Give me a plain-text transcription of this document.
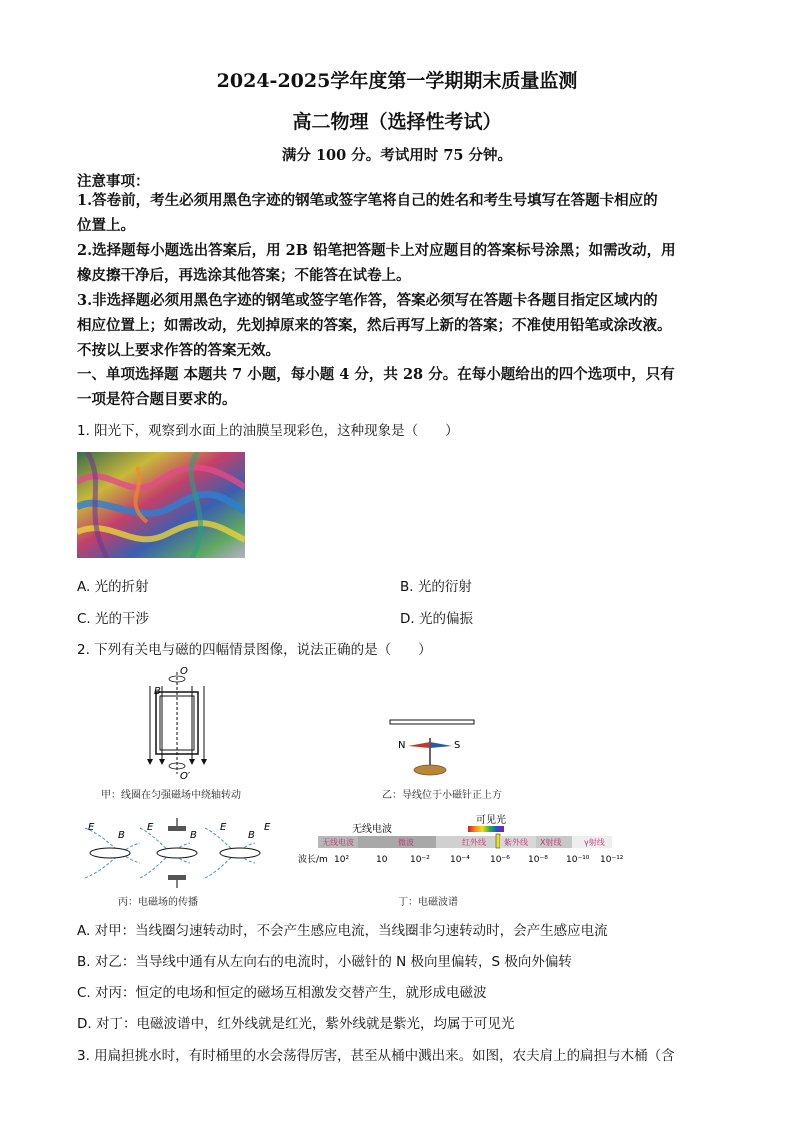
2024-2025学年度第一学期期末质量监测
高二物理（选择性考试）
满分 100 分。考试用时 75 分钟。
注意事项：
1.答卷前，考生必须用黑色字迹的钢笔或签字笔将自己的姓名和考生号填写在答题卡相应的
位置上。
2.选择题每小题选出答案后，用 2B 铅笔把答题卡上对应题目的答案标号涂黑；如需改动，用
橡皮擦干净后，再选涂其他答案；不能答在试卷上。
3.非选择题必须用黑色字迹的钢笔或签字笔作答，答案必须写在答题卡各题目指定区域内的
相应位置上；如需改动，先划掉原来的答案，然后再写上新的答案；不准使用铅笔或涂改液。
不按以上要求作答的答案无效。
一、单项选择题 本题共 7 小题，每小题 4 分，共 28 分。在每小题给出的四个选项中，只有
一项是符合题目要求的。
1. 阳光下，观察到水面上的油膜呈现彩色，这种现象是（　　）
A. 光的折射	B. 光的衍射
C. 光的干涉	D. 光的偏振
2. 下列有关电与磁的四幅情景图像，说法正确的是（　　）
B
O
O′
甲：线圈在匀强磁场中绕轴转动
N	S
乙：导线位于小磁针正上方
E
B
E
B
E
B
E
丙：电磁场的传播
无线电波
可见光
无线电波	微波	红外线 紫外线 X射线	γ射线
波长/m 10²	10	10⁻² 10⁻⁴ 10⁻⁶ 10⁻⁸ 10⁻¹⁰ 10⁻¹²
丁：电磁波谱
A. 对甲：当线圈匀速转动时，不会产生感应电流，当线圈非匀速转动时，会产生感应电流
B. 对乙：当导线中通有从左向右的电流时，小磁针的 N 极向里偏转，S 极向外偏转
C. 对丙：恒定的电场和恒定的磁场互相激发交替产生，就形成电磁波
D. 对丁：电磁波谱中，红外线就是红光，紫外线就是紫光，均属于可见光
3. 用扁担挑水时，有时桶里的水会荡得厉害，甚至从桶中溅出来。如图，农夫肩上的扁担与木桶（含
